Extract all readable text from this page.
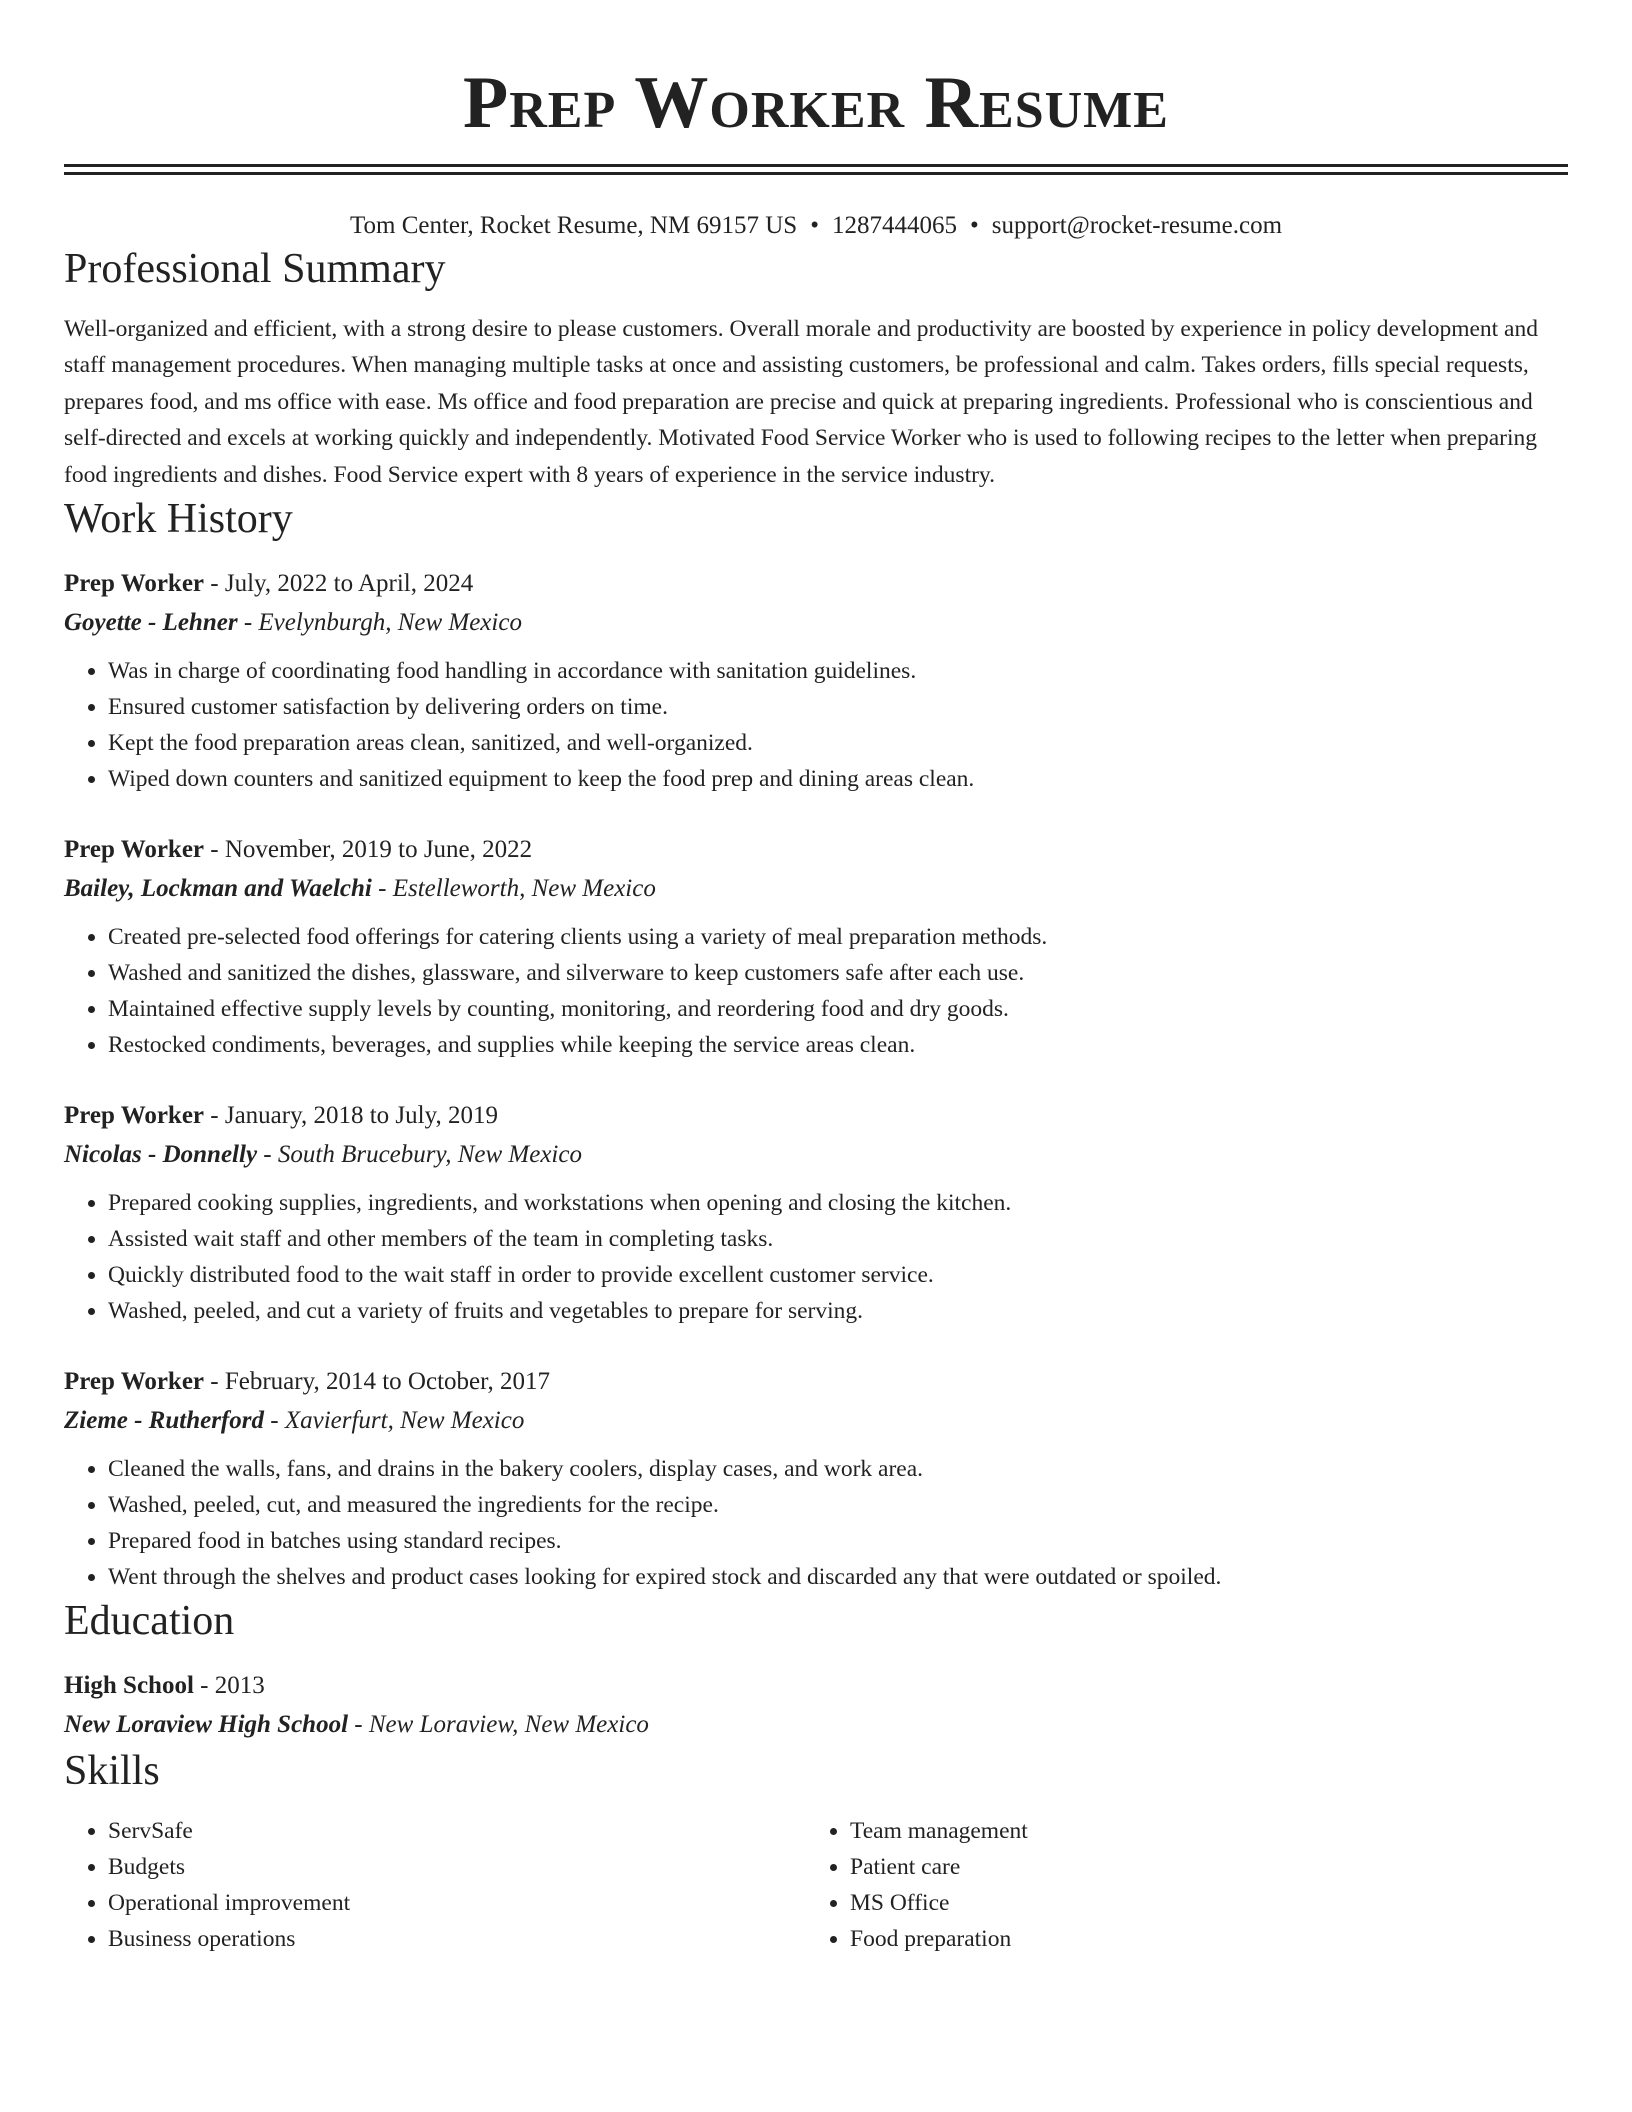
Prep Worker Resume
Tom Center, Rocket Resume, NM 69157 US • 1287444065 • support@rocket-resume.com
Professional Summary

Well-organized and efficient, with a strong desire to please customers. Overall morale and productivity are boosted by experience in policy development and staff management procedures. When managing multiple tasks at once and assisting customers, be professional and calm. Takes orders, fills special requests, prepares food, and ms office with ease. Ms office and food preparation are precise and quick at preparing ingredients. Professional who is conscientious and self-directed and excels at working quickly and independently. Motivated Food Service Worker who is used to following recipes to the letter when preparing food ingredients and dishes. Food Service expert with 8 years of experience in the service industry.

Work History
Prep Worker - July, 2022 to April, 2024
Goyette - Lehner - Evelynburgh, New Mexico
• Was in charge of coordinating food handling in accordance with sanitation guidelines.
• Ensured customer satisfaction by delivering orders on time.
• Kept the food preparation areas clean, sanitized, and well-organized.
• Wiped down counters and sanitized equipment to keep the food prep and dining areas clean.
Prep Worker - November, 2019 to June, 2022
Bailey, Lockman and Waelchi - Estelleworth, New Mexico
• Created pre-selected food offerings for catering clients using a variety of meal preparation methods.
• Washed and sanitized the dishes, glassware, and silverware to keep customers safe after each use.
• Maintained effective supply levels by counting, monitoring, and reordering food and dry goods.
• Restocked condiments, beverages, and supplies while keeping the service areas clean.
Prep Worker - January, 2018 to July, 2019
Nicolas - Donnelly - South Brucebury, New Mexico
• Prepared cooking supplies, ingredients, and workstations when opening and closing the kitchen.
• Assisted wait staff and other members of the team in completing tasks.
• Quickly distributed food to the wait staff in order to provide excellent customer service.
• Washed, peeled, and cut a variety of fruits and vegetables to prepare for serving.
Prep Worker - February, 2014 to October, 2017
Zieme - Rutherford - Xavierfurt, New Mexico
• Cleaned the walls, fans, and drains in the bakery coolers, display cases, and work area.
• Washed, peeled, cut, and measured the ingredients for the recipe.
• Prepared food in batches using standard recipes.
• Went through the shelves and product cases looking for expired stock and discarded any that were outdated or spoiled.
Education
High School - 2013
New Loraview High School - New Loraview, New Mexico
Skills
• ServSafe
• Budgets
• Operational improvement
• Business operations
• Team management
• Patient care
• MS Office
• Food preparation
